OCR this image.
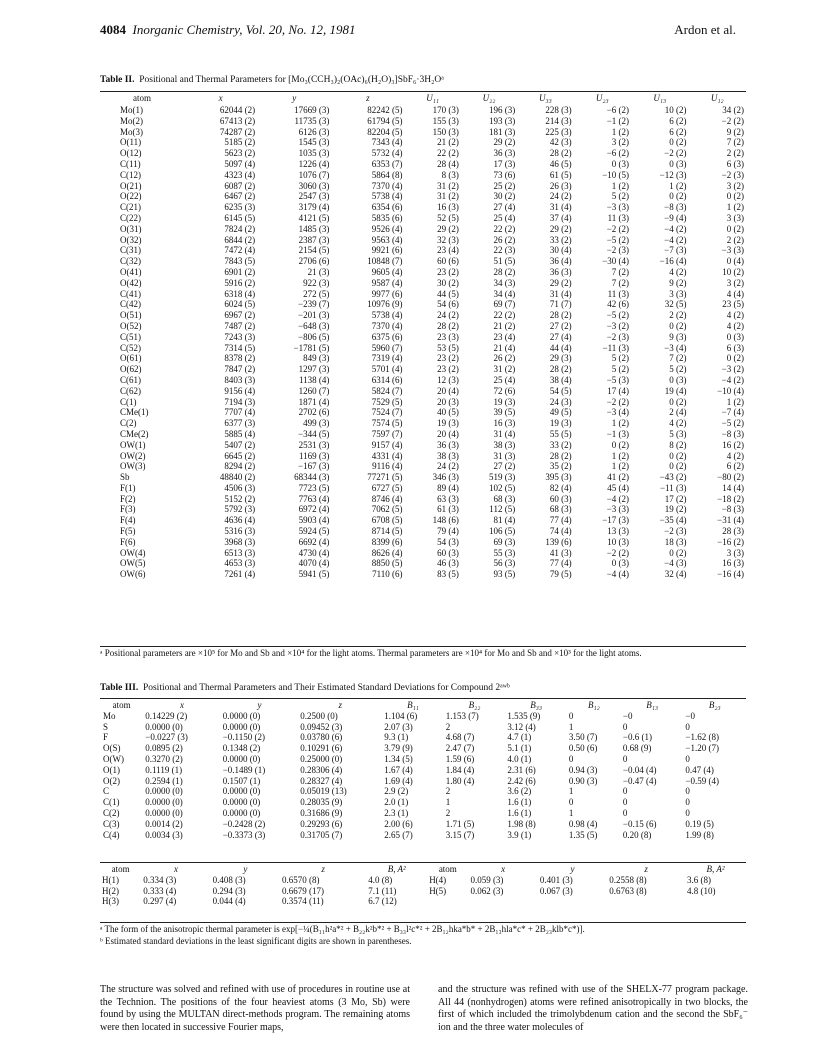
4084 Inorganic Chemistry, Vol. 20, No. 12, 1981	Ardon et al.
Table II. Positional and Thermal Parameters for [Mo₃(CCH₃)₂(OAc)₆(H₂O)₃]SbF₆·3H₂Oᵃ
atom	x	y	z	U₁₁	U₂₂	U₃₃	U₂₃	U₁₃	U₁₂
Mo(1)	62044 (2)	17669 (3)	82242 (5)	170 (3)	196 (3)	228 (3)	−6 (2)	10 (2)	34 (2)
Mo(2)	67413 (2)	11735 (3)	61794 (5)	155 (3)	193 (3)	214 (3)	−1 (2)	6 (2)	−2 (2)
Mo(3)	74287 (2)	6126 (3)	82204 (5)	150 (3)	181 (3)	225 (3)	1 (2)	6 (2)	9 (2)
O(11)	5185 (2)	1545 (3)	7343 (4)	21 (2)	29 (2)	42 (3)	3 (2)	0 (2)	7 (2)
O(12)	5623 (2)	1035 (3)	5732 (4)	22 (2)	36 (3)	28 (2)	−6 (2)	−2 (2)	2 (2)
C(11)	5097 (4)	1226 (4)	6353 (7)	28 (4)	17 (3)	46 (5)	0 (3)	0 (3)	6 (3)
C(12)	4323 (4)	1076 (7)	5864 (8)	8 (3)	73 (6)	61 (5)	−10 (5)	−12 (3)	−2 (3)
O(21)	6087 (2)	3060 (3)	7370 (4)	31 (2)	25 (2)	26 (3)	1 (2)	1 (2)	3 (2)
O(22)	6467 (2)	2547 (3)	5738 (4)	31 (2)	30 (2)	24 (2)	5 (2)	0 (2)	0 (2)
C(21)	6235 (3)	3179 (4)	6354 (6)	16 (3)	27 (4)	31 (4)	−3 (3)	−8 (3)	1 (2)
C(22)	6145 (5)	4121 (5)	5835 (6)	52 (5)	25 (4)	37 (4)	11 (3)	−9 (4)	3 (3)
O(31)	7824 (2)	1485 (3)	9526 (4)	29 (2)	22 (2)	29 (2)	−2 (2)	−4 (2)	0 (2)
O(32)	6844 (2)	2387 (3)	9563 (4)	32 (3)	26 (2)	33 (2)	−5 (2)	−4 (2)	2 (2)
C(31)	7472 (4)	2154 (5)	9921 (6)	23 (4)	22 (3)	30 (4)	−2 (3)	−7 (3)	−3 (3)
C(32)	7843 (5)	2706 (6)	10848 (7)	60 (6)	51 (5)	36 (4)	−30 (4)	−16 (4)	0 (4)
O(41)	6901 (2)	21 (3)	9605 (4)	23 (2)	28 (2)	36 (3)	7 (2)	4 (2)	10 (2)
O(42)	5916 (2)	922 (3)	9587 (4)	30 (2)	34 (3)	29 (2)	7 (2)	9 (2)	3 (2)
C(41)	6318 (4)	272 (5)	9977 (6)	44 (5)	34 (4)	31 (4)	11 (3)	3 (3)	4 (4)
C(42)	6024 (5)	−239 (7)	10976 (9)	54 (6)	69 (7)	71 (7)	42 (6)	32 (5)	23 (5)
O(51)	6967 (2)	−201 (3)	5738 (4)	24 (2)	22 (2)	28 (2)	−5 (2)	2 (2)	4 (2)
O(52)	7487 (2)	−648 (3)	7370 (4)	28 (2)	21 (2)	27 (2)	−3 (2)	0 (2)	4 (2)
C(51)	7243 (3)	−806 (5)	6375 (6)	23 (3)	23 (4)	27 (4)	−2 (3)	9 (3)	0 (3)
C(52)	7314 (5)	−1781 (5)	5960 (7)	53 (5)	21 (4)	44 (4)	−11 (3)	−3 (4)	6 (3)
O(61)	8378 (2)	849 (3)	7319 (4)	23 (2)	26 (2)	29 (3)	5 (2)	7 (2)	0 (2)
O(62)	7847 (2)	1297 (3)	5701 (4)	23 (2)	31 (2)	28 (2)	5 (2)	5 (2)	−3 (2)
C(61)	8403 (3)	1138 (4)	6314 (6)	12 (3)	25 (4)	38 (4)	−5 (3)	0 (3)	−4 (2)
C(62)	9156 (4)	1260 (7)	5824 (7)	20 (4)	72 (6)	54 (5)	17 (4)	19 (4)	−10 (4)
C(1)	7194 (3)	1871 (4)	7529 (5)	20 (3)	19 (3)	24 (3)	−2 (2)	0 (2)	1 (2)
CMe(1)	7707 (4)	2702 (6)	7524 (7)	40 (5)	39 (5)	49 (5)	−3 (4)	2 (4)	−7 (4)
C(2)	6377 (3)	499 (3)	7574 (5)	19 (3)	16 (3)	19 (3)	1 (2)	4 (2)	−5 (2)
CMe(2)	5885 (4)	−344 (5)	7597 (7)	20 (4)	31 (4)	55 (5)	−1 (3)	5 (3)	−8 (3)
OW(1)	5407 (2)	2531 (3)	9157 (4)	36 (3)	38 (3)	33 (2)	0 (2)	8 (2)	16 (2)
OW(2)	6645 (2)	1169 (3)	4331 (4)	38 (3)	31 (3)	28 (2)	1 (2)	0 (2)	4 (2)
OW(3)	8294 (2)	−167 (3)	9116 (4)	24 (2)	27 (2)	35 (2)	1 (2)	0 (2)	6 (2)
Sb	48840 (2)	68344 (3)	77271 (5)	346 (3)	519 (3)	395 (3)	41 (2)	−43 (2)	−80 (2)
F(1)	4506 (3)	7723 (5)	6727 (5)	89 (4)	102 (5)	82 (4)	45 (4)	−11 (3)	14 (4)
F(2)	5152 (2)	7763 (4)	8746 (4)	63 (3)	68 (3)	60 (3)	−4 (2)	17 (2)	−18 (2)
F(3)	5792 (3)	6972 (4)	7062 (5)	61 (3)	112 (5)	68 (3)	−3 (3)	19 (2)	−8 (3)
F(4)	4636 (4)	5903 (4)	6708 (5)	148 (6)	81 (4)	77 (4)	−17 (3)	−35 (4)	−31 (4)
F(5)	5316 (3)	5924 (5)	8714 (5)	79 (4)	106 (5)	74 (4)	13 (3)	−2 (3)	28 (3)
F(6)	3968 (3)	6692 (4)	8399 (6)	54 (3)	69 (3)	139 (6)	10 (3)	18 (3)	−16 (2)
OW(4)	6513 (3)	4730 (4)	8626 (4)	60 (3)	55 (3)	41 (3)	−2 (2)	0 (2)	3 (3)
OW(5)	4653 (3)	4070 (4)	8850 (5)	46 (3)	56 (3)	77 (4)	0 (3)	−4 (3)	16 (3)
OW(6)	7261 (4)	5941 (5)	7110 (6)	83 (5)	93 (5)	79 (5)	−4 (4)	32 (4)	−16 (4)
ᵃ Positional parameters are ×10⁵ for Mo and Sb and ×10⁴ for the light atoms. Thermal parameters are ×10⁴ for Mo and Sb and ×10³ for the light atoms.
Table III. Positional and Thermal Parameters and Their Estimated Standard Deviations for Compound 2ᵃʷᵇ
atom	x	y	z	B₁₁	B₂₂	B₃₃	B₁₂	B₁₃	B₂₃
Mo	0.14229 (2)	0.0000 (0)	0.2500 (0)	1.104 (6)	1.153 (7)	1.535 (9)	0	−0	−0
S	0.0000 (0)	0.0000 (0)	0.09452 (3)	2.07 (3)	2	3.12 (4)	1	0	0
F	−0.0227 (3)	−0.1150 (2)	0.03780 (6)	9.3 (1)	4.68 (7)	4.7 (1)	3.50 (7)	−0.6 (1)	−1.62 (8)
O(S)	0.0895 (2)	0.1348 (2)	0.10291 (6)	3.79 (9)	2.47 (7)	5.1 (1)	0.50 (6)	0.68 (9)	−1.20 (7)
O(W)	0.3270 (2)	0.0000 (0)	0.25000 (0)	1.34 (5)	1.59 (6)	4.0 (1)	0	0	0
O(1)	0.1119 (1)	−0.1489 (1)	0.28306 (4)	1.67 (4)	1.84 (4)	2.31 (6)	0.94 (3)	−0.04 (4)	0.47 (4)
O(2)	0.2594 (1)	0.1507 (1)	0.28327 (4)	1.69 (4)	1.80 (4)	2.42 (6)	0.90 (3)	−0.47 (4)	−0.59 (4)
C	0.0000 (0)	0.0000 (0)	0.05019 (13)	2.9 (2)	2	3.6 (2)	1	0	0
C(1)	0.0000 (0)	0.0000 (0)	0.28035 (9)	2.0 (1)	1	1.6 (1)	0	0	0
C(2)	0.0000 (0)	0.0000 (0)	0.31686 (9)	2.3 (1)	2	1.6 (1)	1	0	0
C(3)	0.0014 (2)	−0.2428 (2)	0.29293 (6)	2.00 (6)	1.71 (5)	1.98 (8)	0.98 (4)	−0.15 (6)	0.19 (5)
C(4)	0.0034 (3)	−0.3373 (3)	0.31705 (7)	2.65 (7)	3.15 (7)	3.9 (1)	1.35 (5)	0.20 (8)	1.99 (8)
atom	x	y	z	B, A²	atom	x	y	z	B, A²
H(1)	0.334 (3)	0.408 (3)	0.6570 (8)	4.0 (8)	H(4)	0.059 (3)	0.401 (3)	0.2558 (8)	3.6 (8)
H(2)	0.333 (4)	0.294 (3)	0.6679 (17)	7.1 (11)	H(5)	0.062 (3)	0.067 (3)	0.6763 (8)	4.8 (10)
H(3)	0.297 (4)	0.044 (4)	0.3574 (11)	6.7 (12)					
ᵃ The form of the anisotropic thermal parameter is exp[−¼(B₁₁h²a*² + B₂₂k²b*² + B₃₃l²c*² + 2B₁₂hka*b* + 2B₁₃hla*c* + 2B₂₃klb*c*)].
ᵇ Estimated standard deviations in the least significant digits are shown in parentheses.
The structure was solved and refined with use of procedures in routine use at the Technion. The positions of the four heaviest atoms (3 Mo, Sb) were found by using the MULTAN direct-methods program. The remaining atoms were then located in successive Fourier maps,
and the structure was refined with use of the SHELX-77 program package. All 44 (nonhydrogen) atoms were refined anisotropically in two blocks, the first of which included the trimolybdenum cation and the second the SbF₆⁻ ion and the three water molecules of
